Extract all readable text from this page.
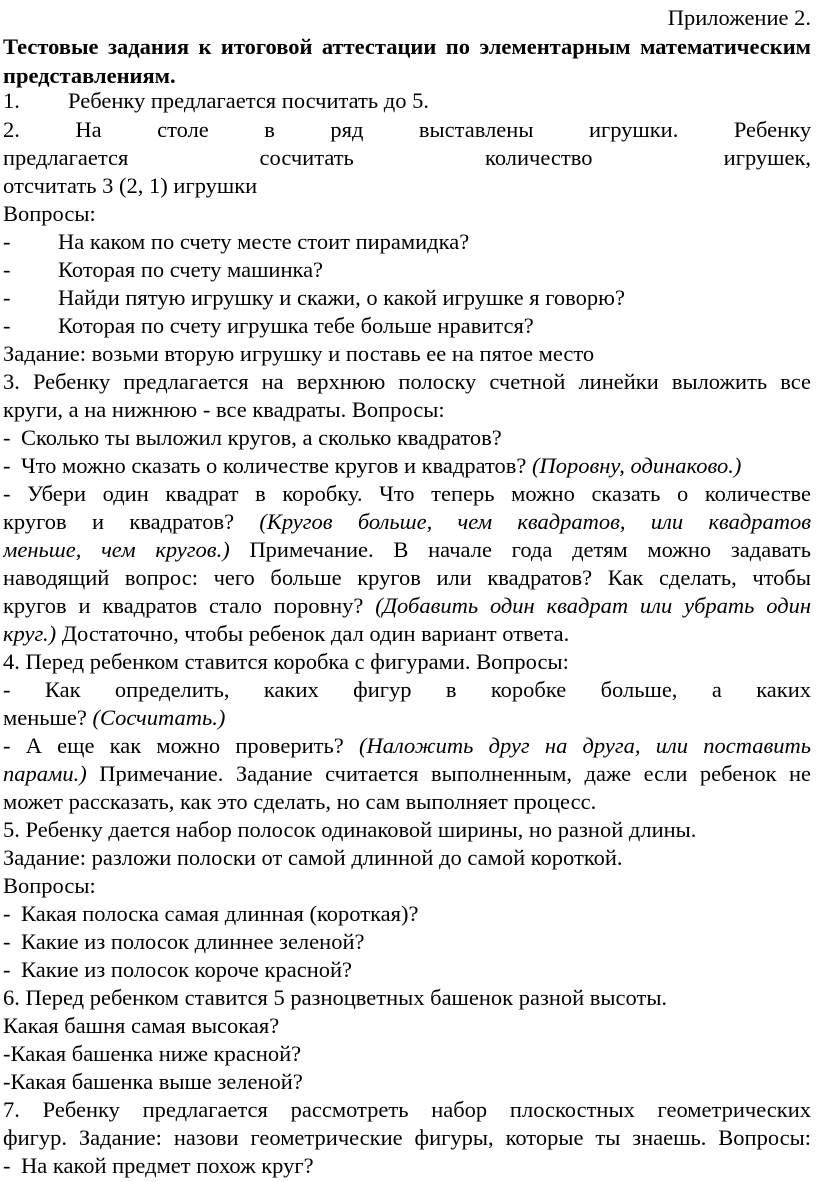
Приложение 2.
Тестовые задания к итоговой аттестации по элементарным математическим
представлениям.
1. Ребенку предлагается посчитать до 5.
2. На столе в ряд выставлены игрушки. Ребенку
предлагается	сосчитать	количество	игрушек,
отсчитать 3 (2, 1) игрушки
Вопросы:
- На каком по счету месте стоит пирамидка?
- Которая по счету машинка?
- Найди пятую игрушку и скажи, о какой игрушке я говорю?
- Которая по счету игрушка тебе больше нравится?
Задание: возьми вторую игрушку и поставь ее на пятое место
3. Ребенку предлагается на верхнюю полоску счетной линейки выложить все
круги, а на нижнюю - все квадраты. Вопросы:
- Сколько ты выложил кругов, а сколько квадратов?
- Что можно сказать о количестве кругов и квадратов? (Поровну, одинаково.)
- Убери один квадрат в коробку. Что теперь можно сказать о количестве
кругов и квадратов? (Кругов больше, чем квадратов, или квадратов
меньше, чем кругов.) Примечание. В начале года детям можно задавать
наводящий вопрос: чего больше кругов или квадратов? Как сделать, чтобы
кругов и квадратов стало поровну? (Добавить один квадрат или убрать один
круг.) Достаточно, чтобы ребенок дал один вариант ответа.
4. Перед ребенком ставится коробка с фигурами. Вопросы:
- Как определить, каких фигур в коробке больше, а каких
меньше? (Сосчитать.)
- А еще как можно проверить? (Наложить друг на друга, или поставить
парами.) Примечание. Задание считается выполненным, даже если ребенок не
может рассказать, как это сделать, но сам выполняет процесс.
5. Ребенку дается набор полосок одинаковой ширины, но разной длины.
Задание: разложи полоски от самой длинной до самой короткой.
Вопросы:
- Какая полоска самая длинная (короткая)?
- Какие из полосок длиннее зеленой?
- Какие из полосок короче красной?
6. Перед ребенком ставится 5 разноцветных башенок разной высоты.
Какая башня самая высокая?
-Какая башенка ниже красной?
-Какая башенка выше зеленой?
7. Ребенку предлагается рассмотреть набор плоскостных геометрических
фигур. Задание: назови геометрические фигуры, которые ты знаешь. Вопросы:
- На какой предмет похож круг?
